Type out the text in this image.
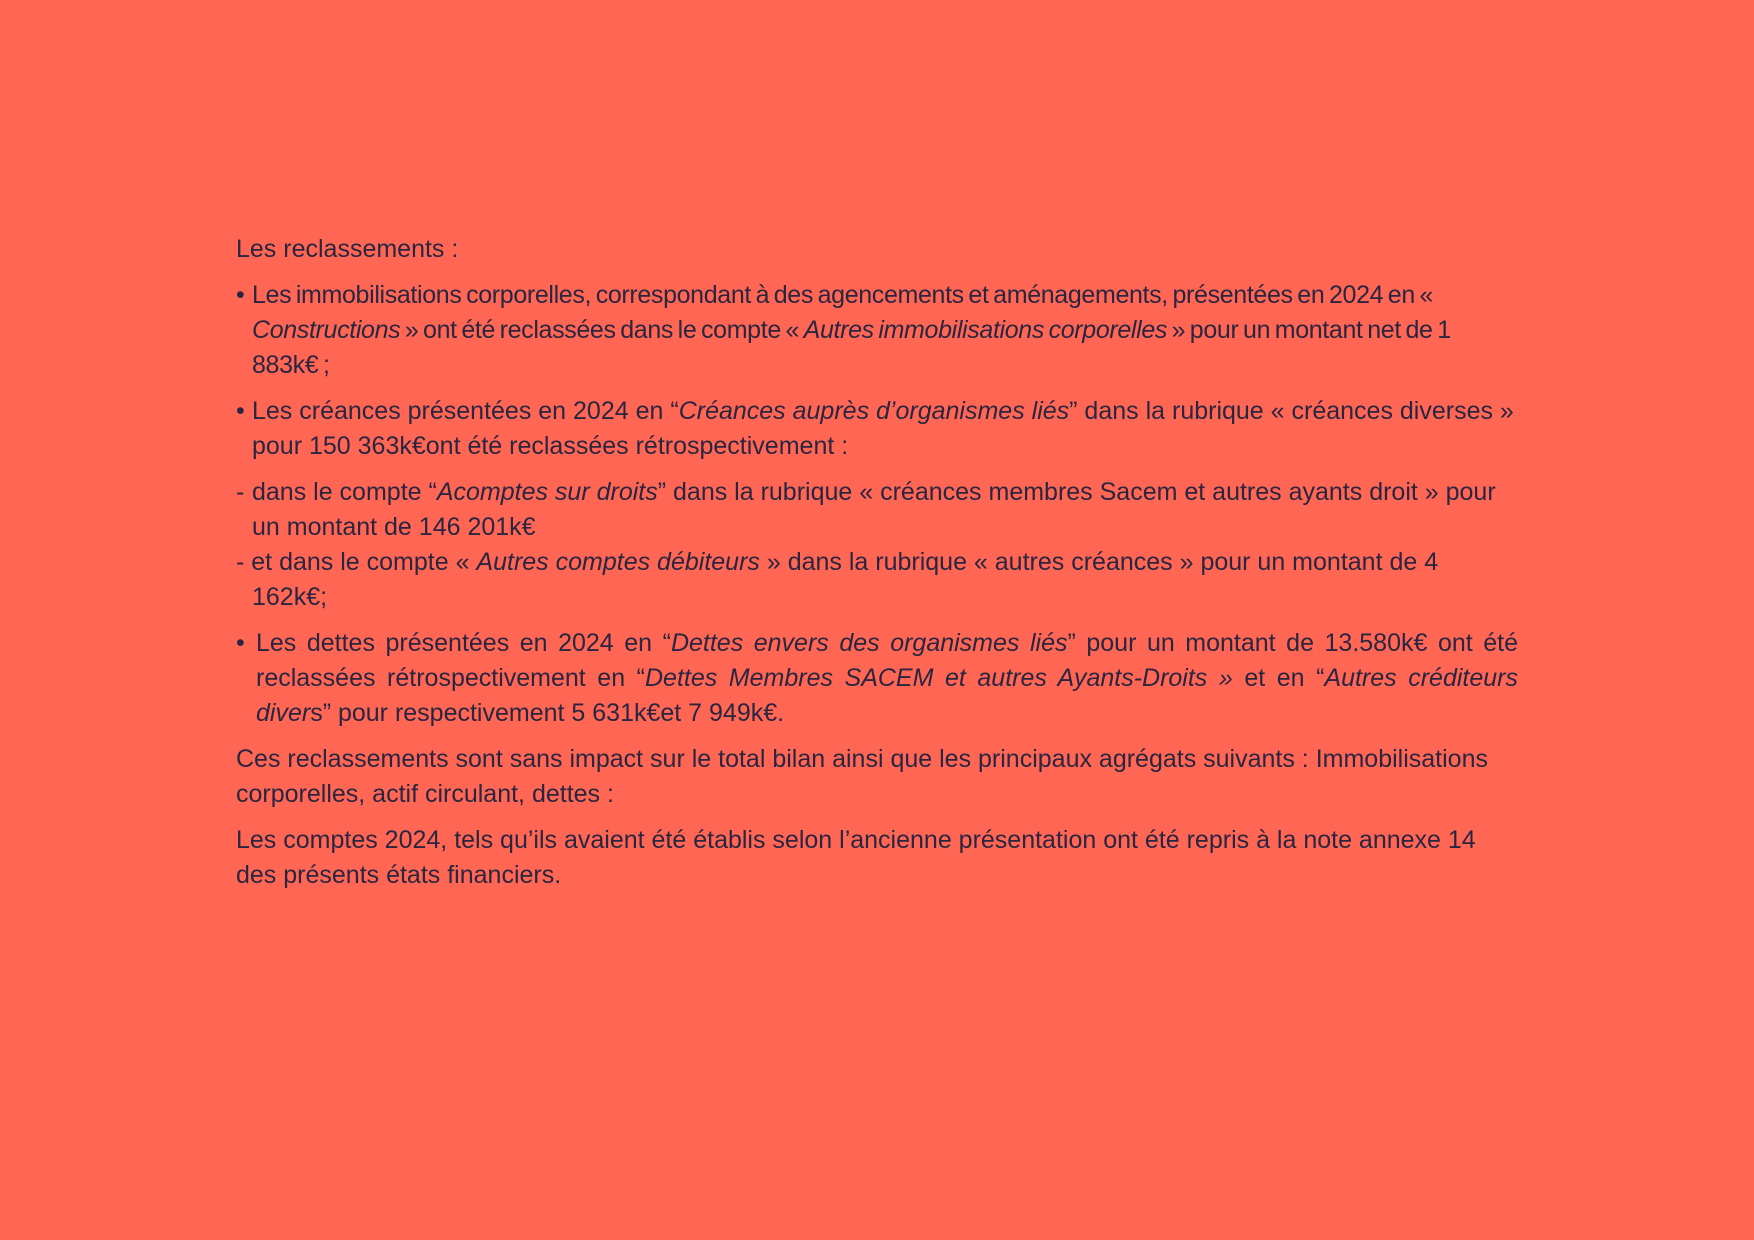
Les reclassements :

• Les immobilisations corporelles, correspondant à des agencements et aménagements, présentées en 2024 en « Constructions » ont été reclassées dans le compte « Autres immobilisations corporelles » pour un montant net de 1 883k€ ;
• Les créances présentées en 2024 en “Créances auprès d’organismes liés” dans la rubrique « créances diverses » pour 150 363k€ont été reclassées rétrospectivement :
- dans le compte “Acomptes sur droits” dans la rubrique « créances membres Sacem et autres ayants droit » pour un montant de 146 201k€

- et dans le compte « Autres comptes débiteurs » dans la rubrique « autres créances » pour un montant de 4 162k€;

• Les dettes présentées en 2024 en “Dettes envers des organismes liés” pour un montant de 13.580k€ ont été reclassées rétrospectivement en “Dettes Membres SACEM et autres Ayants-Droits » et en “Autres créditeurs divers” pour respectivement 5 631k€et 7 949k€.

Ces reclassements sont sans impact sur le total bilan ainsi que les principaux agrégats suivants : Immobilisations corporelles, actif circulant, dettes :

Les comptes 2024, tels qu’ils avaient été établis selon l’ancienne présentation ont été repris à la note annexe 14 des présents états financiers.
